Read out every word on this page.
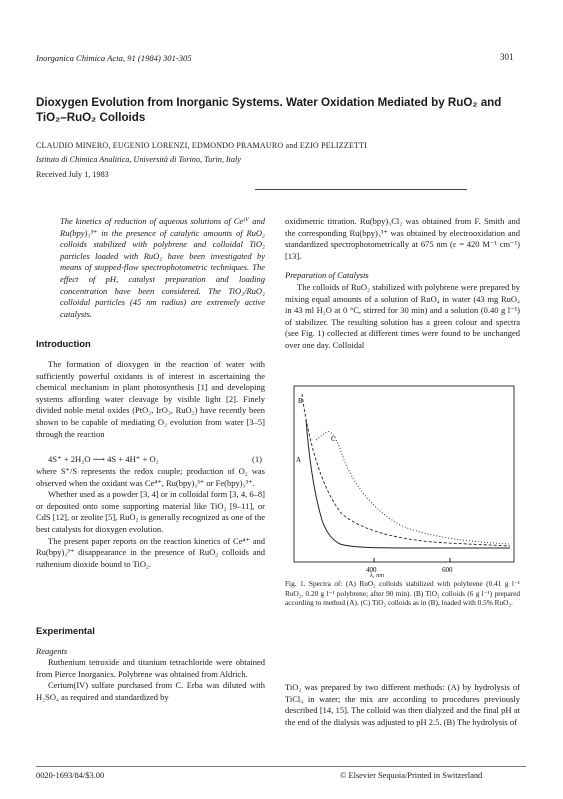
Inorganica Chimica Acta, 91 (1984) 301-305	301
Dioxygen Evolution from Inorganic Systems. Water Oxidation Mediated by RuO₂ and TiO₂–RuO₂ Colloids
CLAUDIO MINERO, EUGENIO LORENZI, EDMONDO PRAMAURO and EZIO PELIZZETTI
Istituto di Chimica Analitica, Università di Torino, Turin, Italy
Received July 1, 1983

The kinetics of reduction of aqueous solutions of Ceᴵⱽ and Ru(bpy)₃³⁺ in the presence of catalytic amounts of RuO₂ colloids stabilized with polybrene and colloidal TiO₂ particles loaded with RuO₂ have been investigated by means of stopped-flow spectrophotometric techniques. The effect of pH, catalyst preparation and loading concentration have been considered. The TiO₂/RuO₂ colloidal particles (45 nm radius) are extremely active catalysts.

Introduction

The formation of dioxygen in the reaction of water with sufficiently powerful oxidants is of interest in ascertaining the chemical mechanism in plant photosynthesis [1] and developing systems affording water cleavage by visible light [2]. Finely divided noble metal oxides (PtO₂, IrO₂, RuO₂) have recently been shown to be capable of mediating O₂ evolution from water [3–5] through the reaction

4S⁺ + 2H₂O ⟶ 4S + 4H⁺ + O₂	(1)

where S⁺/S represents the redox couple; production of O₂ was observed when the oxidant was Ce⁴⁺, Ru(bpy)₃³⁺ or Fe(bpy)₃³⁺.

Whether used as a powder [3, 4] or in colloidal form [3, 4, 6–8] or deposited onto some supporting material like TiO₂ [9–11], or CdS [12], or zeolite [5], RuO₂ is generally recognized as one of the best catalysts for dioxygen evolution.

The present paper reports on the reaction kinetics of Ce⁴⁺ and Ru(bpy)₃³⁺ disappearance in the presence of RuO₂ colloids and ruthenium dioxide bound to TiO₂.

Experimental
Reagents

Ruthenium tetroxide and titanium tetrachloride were obtained from Pierce Inorganics. Polybrene was obtained from Aldrich.

Cerium(IV) sulfate purchased from C. Erba was diluted with H₂SO₄ as required and standardized by

oxidimetric titration. Ru(bpy)₃Cl₂ was obtained from F. Smith and the corresponding Ru(bpy)₃³⁺ was obtained by electrooxidation and standardized spectrophotometrically at 675 nm (ε = 420 M⁻¹ cm⁻¹) [13].

Preparation of Catalysts

The colloids of RuO₂ stabilized with polybrene were prepared by mixing equal amounts of a solution of RuO₄ in water (43 mg RuO₄ in 43 ml H₂O at 0 °C, stirred for 30 min) and a solution (0.40 g l⁻¹) of stabilizer. The resulting solution has a green colour and spectra (see Fig. 1) collected at different times were found to be unchanged over one day. Colloidal

B
A
C
400	600
λ, nm
Fig. 1. Spectra of: (A) RuO₂ colloids stabilized with polybrene (0.41 g l⁻¹ RuO₂, 0.20 g l⁻¹ polybrene; after 90 min). (B) TiO₂ colloids (6 g l⁻¹) prepared according to method (A). (C) TiO₂ colloids as in (B), loaded with 0.5% RuO₂.

TiO₂ was prepared by two different methods: (A) by hydrolysis of TiCl₄ in water; the mix are according to procedures previously described [14, 15]. The colloid was then dialyzed and the final pH at the end of the dialysis was adjusted to pH 2.5. (B) The hydrolysis of

0020-1693/84/$3.00	© Elsevier Sequoia/Printed in Switzerland
